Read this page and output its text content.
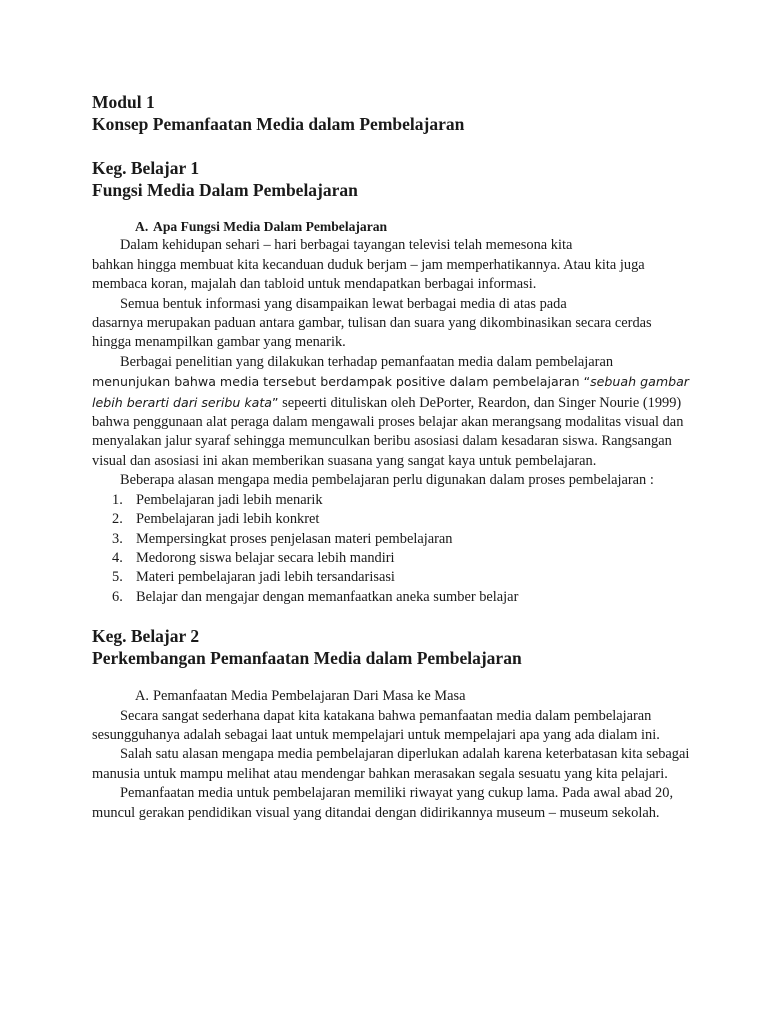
Modul 1

Konsep Pemanfaatan Media dalam Pembelajaran

Keg. Belajar 1

Fungsi Media Dalam Pembelajaran

A. Apa Fungsi Media Dalam Pembelajaran

Dalam kehidupan sehari – hari berbagai tayangan televisi telah memesona kita

bahkan hingga membuat kita kecanduan duduk berjam – jam memperhatikannya. Atau kita juga membaca koran, majalah dan tabloid untuk mendapatkan berbagai informasi.

Semua bentuk informasi yang disampaikan lewat berbagai media di atas pada

dasarnya merupakan paduan antara gambar, tulisan dan suara yang dikombinasikan secara cerdas hingga menampilkan gambar yang menarik.

Berbagai penelitian yang dilakukan terhadap pemanfaatan media dalam pembelajaran

menunjukan bahwa media tersebut berdampak positive dalam pembelajaran “sebuah gambar lebih berarti dari seribu kata” sepeerti dituliskan oleh DePorter, Reardon, dan Singer Nourie (1999) bahwa penggunaan alat peraga dalam mengawali proses belajar akan merangsang modalitas visual dan menyalakan jalur syaraf sehingga memunculkan beribu asosiasi dalam kesadaran siswa. Rangsangan visual dan asosiasi ini akan memberikan suasana yang sangat kaya untuk pembelajaran.

Beberapa alasan mengapa media pembelajaran perlu digunakan dalam proses pembelajaran :

1. Pembelajaran jadi lebih menarik
2. Pembelajaran jadi lebih konkret
3. Mempersingkat proses penjelasan materi pembelajaran
4. Medorong siswa belajar secara lebih mandiri
5. Materi pembelajaran jadi lebih tersandarisasi
6. Belajar dan mengajar dengan memanfaatkan aneka sumber belajar

Keg. Belajar 2

Perkembangan Pemanfaatan Media dalam Pembelajaran

A. Pemanfaatan Media Pembelajaran Dari Masa ke Masa

Secara sangat sederhana dapat kita katakana bahwa pemanfaatan media dalam pembelajaran sesungguhanya adalah sebagai laat untuk mempelajari untuk mempelajari apa yang ada dialam ini.

Salah satu alasan mengapa media pembelajaran diperlukan adalah karena keterbatasan kita sebagai manusia untuk mampu melihat atau mendengar bahkan merasakan segala sesuatu yang kita pelajari.

Pemanfaatan media untuk pembelajaran memiliki riwayat yang cukup lama. Pada awal abad 20, muncul gerakan pendidikan visual yang ditandai dengan didirikannya museum – museum sekolah.
